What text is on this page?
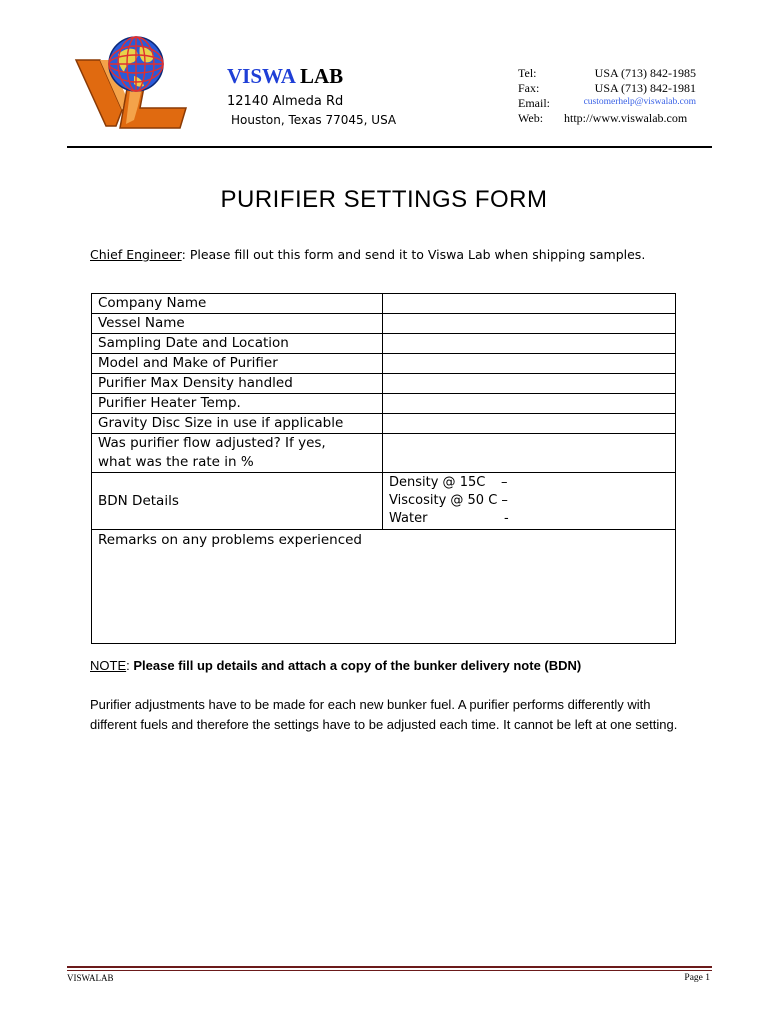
VISWA LAB
12140 Almeda Rd
Houston, Texas 77045, USA
Tel:	USA (713) 842-1985
Fax:	USA (713) 842-1981
Email:	customerhelp@viswalab.com
Web: http://www.viswalab.com
PURIFIER SETTINGS FORM
Chief Engineer: Please fill out this form and send it to Viswa Lab when shipping samples.
Company Name	
Vessel Name	
Sampling Date and Location	
Model and Make of Purifier	
Purifier Max Density handled	
Purifier Heater Temp.	
Gravity Disc Size in use if applicable	

Was purifier flow adjusted? If yes,
what was the rate in %	

BDN Details	Density @ 15C –
Viscosity @ 50 C –
Water -

Remarks on any problems experienced	
NOTE: Please fill up details and attach a copy of the bunker delivery note (BDN)
Purifier adjustments have to be made for each new bunker fuel. A purifier performs differently with different fuels and therefore the settings have to be adjusted each time. It cannot be left at one setting.
VISWALAB	Page 1
